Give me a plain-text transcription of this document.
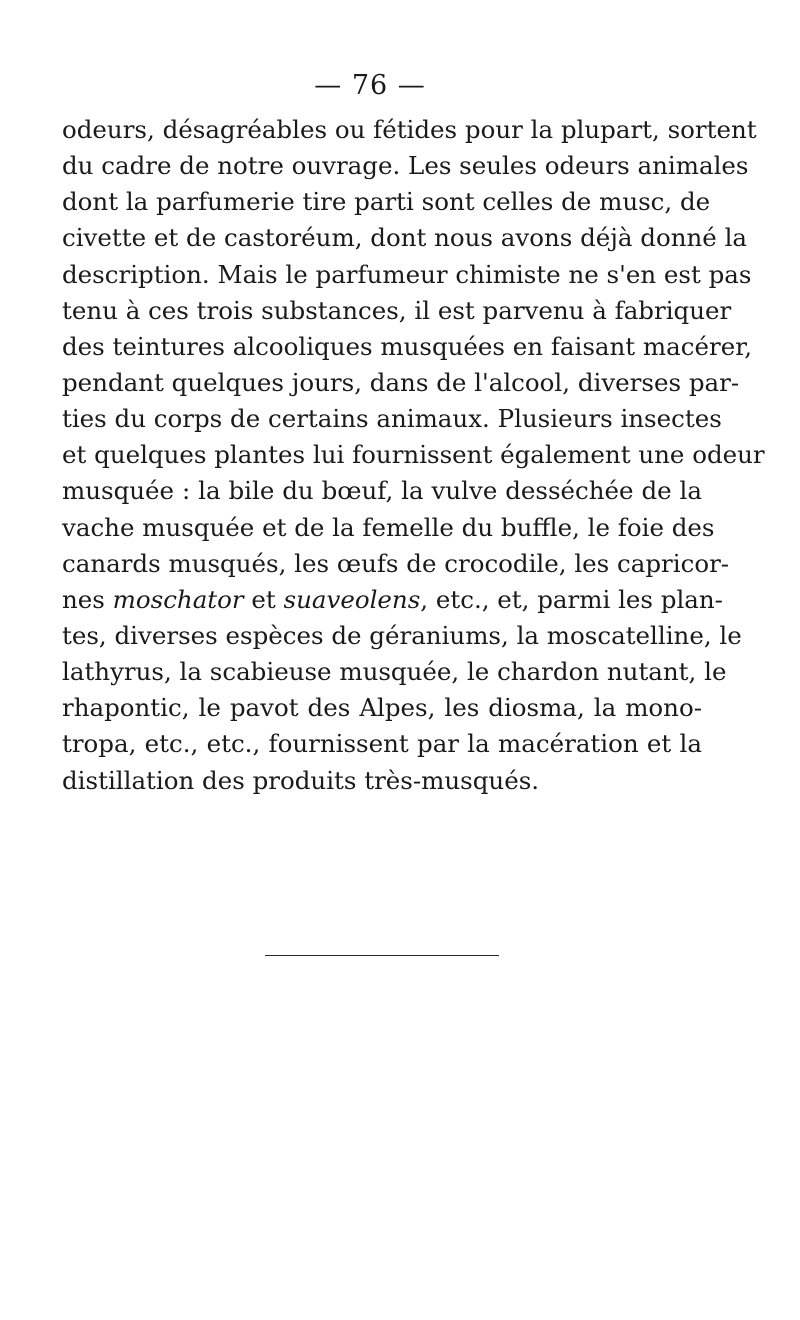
— 76 —
odeurs, désagréables ou fétides pour la plupart, sortent
du cadre de notre ouvrage. Les seules odeurs animales
dont la parfumerie tire parti sont celles de musc, de
civette et de castoréum, dont nous avons déjà donné la
description. Mais le parfumeur chimiste ne s'en est pas
tenu à ces trois substances, il est parvenu à fabriquer
des teintures alcooliques musquées en faisant macérer,
pendant quelques jours, dans de l'alcool, diverses par-
ties du corps de certains animaux. Plusieurs insectes
et quelques plantes lui fournissent également une odeur
musquée : la bile du bœuf, la vulve desséchée de la
vache musquée et de la femelle du buffle, le foie des
canards musqués, les œufs de crocodile, les capricor-
nes moschator et suaveolens, etc., et, parmi les plan-
tes, diverses espèces de géraniums, la moscatelline, le
lathyrus, la scabieuse musquée, le chardon nutant, le
rhapontic, le pavot des Alpes, les diosma, la mono-
tropa, etc., etc., fournissent par la macération et la
distillation des produits très-musqués.
